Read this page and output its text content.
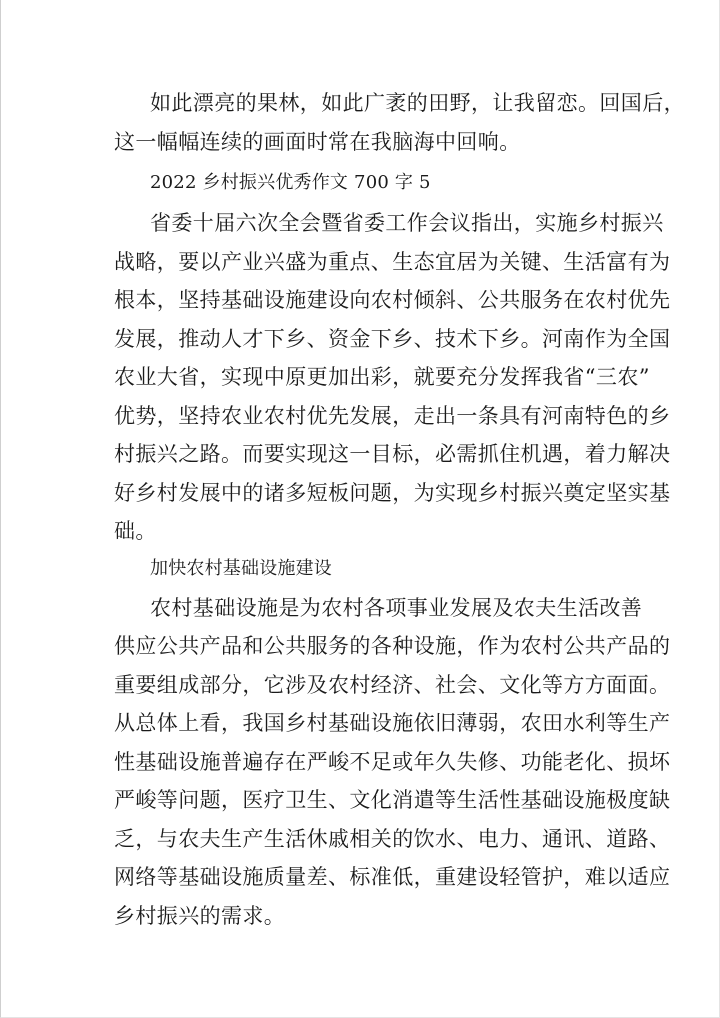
如此漂亮的果林，如此广袤的田野，让我留恋。回国后，
这一幅幅连续的画面时常在我脑海中回响。
2022 乡村振兴优秀作文 700 字 5
省委十届六次全会暨省委工作会议指出，实施乡村振兴
战略，要以产业兴盛为重点、生态宜居为关键、生活富有为
根本，坚持基础设施建设向农村倾斜、公共服务在农村优先
发展，推动人才下乡、资金下乡、技术下乡。河南作为全国
农业大省，实现中原更加出彩，就要充分发挥我省“三农”
优势，坚持农业农村优先发展，走出一条具有河南特色的乡
村振兴之路。而要实现这一目标，必需抓住机遇，着力解决
好乡村发展中的诸多短板问题，为实现乡村振兴奠定坚实基
础。
加快农村基础设施建设
农村基础设施是为农村各项事业发展及农夫生活改善
供应公共产品和公共服务的各种设施，作为农村公共产品的
重要组成部分，它涉及农村经济、社会、文化等方方面面。
从总体上看，我国乡村基础设施依旧薄弱，农田水利等生产
性基础设施普遍存在严峻不足或年久失修、功能老化、损坏
严峻等问题，医疗卫生、文化消遣等生活性基础设施极度缺
乏，与农夫生产生活休戚相关的饮水、电力、通讯、道路、
网络等基础设施质量差、标准低，重建设轻管护，难以适应
乡村振兴的需求。
